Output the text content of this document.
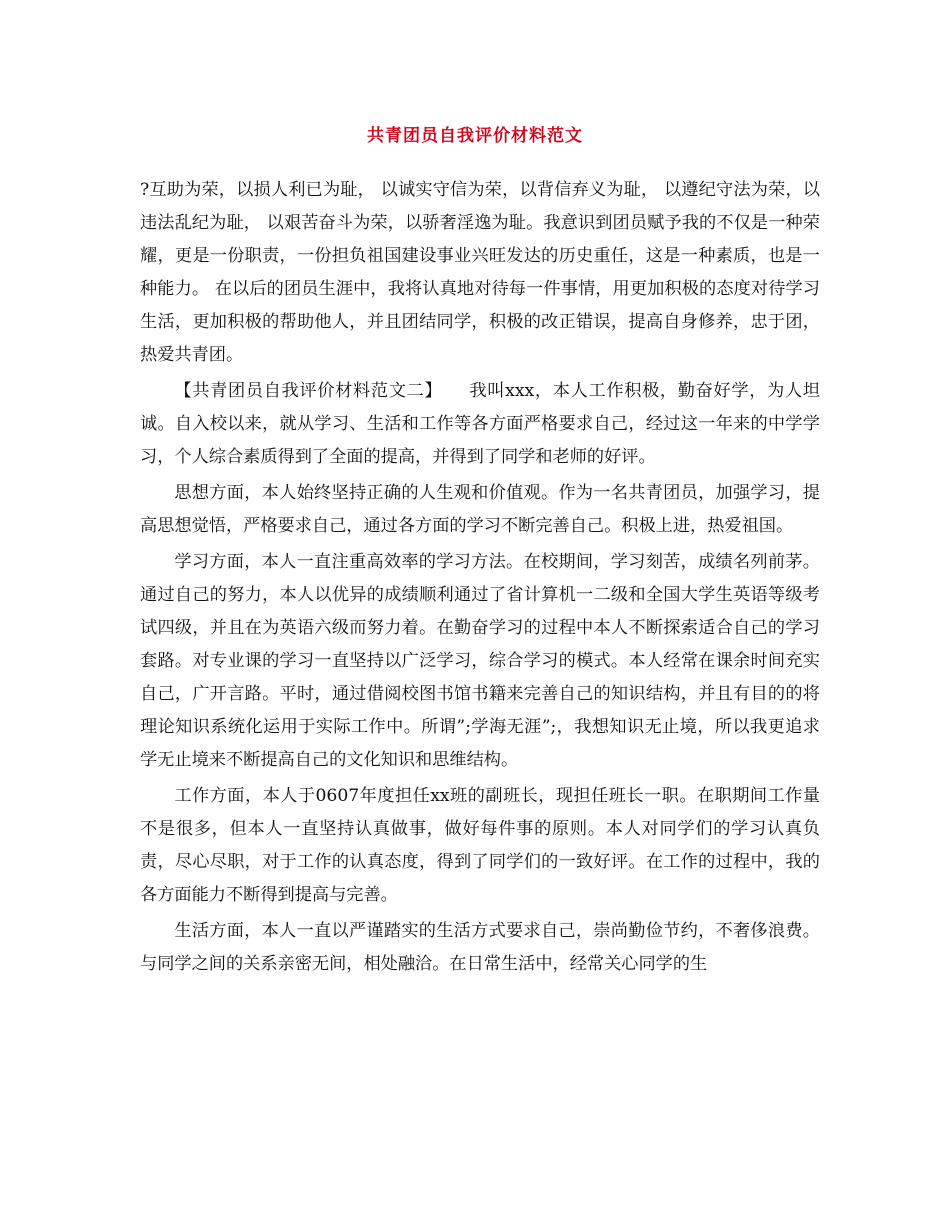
共青团员自我评价材料范文

?互助为荣，以损人利已为耻， 以诚实守信为荣，以背信弃义为耻， 以遵纪守法为荣，以违法乱纪为耻， 以艰苦奋斗为荣，以骄奢淫逸为耻。我意识到团员赋予我的不仅是一种荣耀，更是一份职责，一份担负祖国建设事业兴旺发达的历史重任，这是一种素质，也是一种能力。 在以后的团员生涯中，我将认真地对待每一件事情，用更加积极的态度对待学习生活，更加积极的帮助他人，并且团结同学，积极的改正错误，提高自身修养，忠于团，热爱共青团。

【共青团员自我评价材料范文二】　　我叫xxx，本人工作积极，勤奋好学，为人坦诚。自入校以来，就从学习、生活和工作等各方面严格要求自己，经过这一年来的中学学习，个人综合素质得到了全面的提高，并得到了同学和老师的好评。

思想方面，本人始终坚持正确的人生观和价值观。作为一名共青团员，加强学习，提高思想觉悟，严格要求自己，通过各方面的学习不断完善自己。积极上进，热爱祖国。

学习方面，本人一直注重高效率的学习方法。在校期间，学习刻苦，成绩名列前茅。通过自己的努力，本人以优异的成绩顺利通过了省计算机一二级和全国大学生英语等级考试四级，并且在为英语六级而努力着。在勤奋学习的过程中本人不断探索适合自己的学习套路。对专业课的学习一直坚持以广泛学习，综合学习的模式。本人经常在课余时间充实自己，广开言路。平时，通过借阅校图书馆书籍来完善自己的知识结构，并且有目的的将理论知识系统化运用于实际工作中。所谓”;学海无涯”;，我想知识无止境，所以我更追求学无止境来不断提高自己的文化知识和思维结构。

工作方面，本人于0607年度担任xx班的副班长，现担任班长一职。在职期间工作量不是很多，但本人一直坚持认真做事，做好每件事的原则。本人对同学们的学习认真负责，尽心尽职，对于工作的认真态度，得到了同学们的一致好评。在工作的过程中，我的各方面能力不断得到提高与完善。

生活方面，本人一直以严谨踏实的生活方式要求自己，崇尚勤俭节约，不奢侈浪费。与同学之间的关系亲密无间，相处融洽。在日常生活中，经常关心同学的生
